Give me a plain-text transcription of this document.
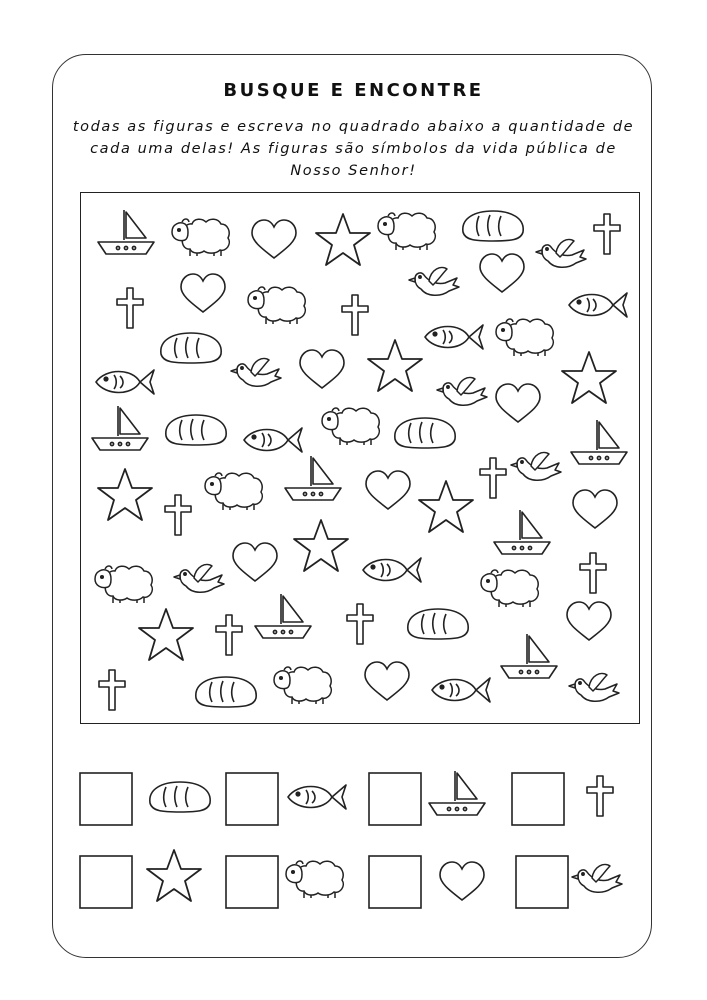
BUSQUE E ENCONTRE
todas as figuras e escreva no quadrado abaixo a quantidade de cada uma delas! As figuras são símbolos da vida pública de Nosso Senhor!
